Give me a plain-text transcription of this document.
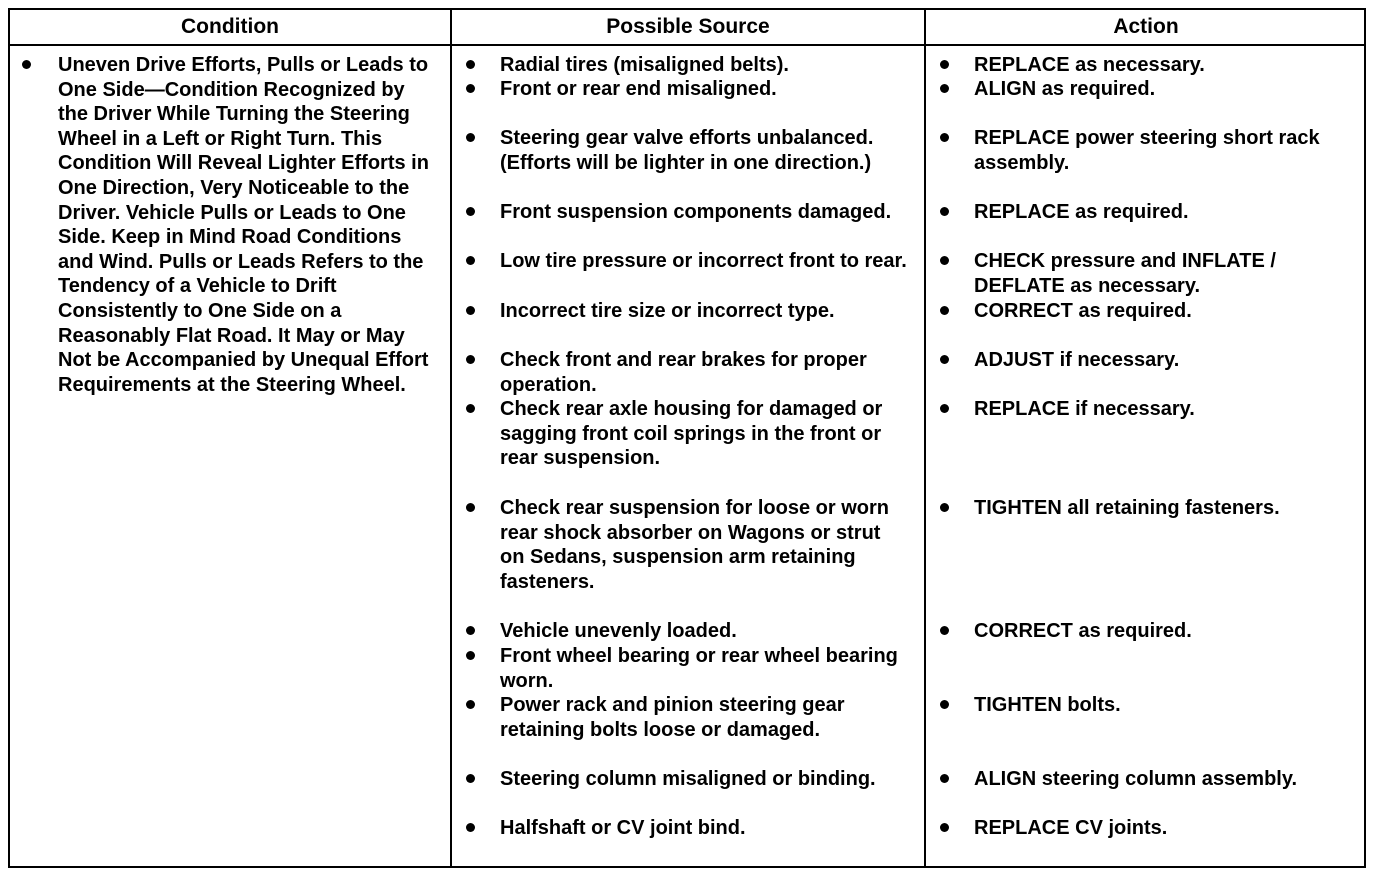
Condition	Possible Source	Action
Uneven Drive Efforts, Pulls or Leads to One Side—Condition Recognized by the Driver While Turning the Steering Wheel in a Left or Right Turn. This Condition Will Reveal Lighter Efforts in One Direction, Very Noticeable to the Driver. Vehicle Pulls or Leads to One Side. Keep in Mind Road Conditions and Wind. Pulls or Leads Refers to the Tendency of a Vehicle to Drift Consistently to One Side on a Reasonably Flat Road. It May or May Not be Accompanied by Unequal Effort Requirements at the Steering Wheel.
Radial tires (misaligned belts).
Front or rear end misaligned.
Steering gear valve efforts unbalanced. (Efforts will be lighter in one direction.)
Front suspension components damaged.
Low tire pressure or incorrect front to rear.
Incorrect tire size or incorrect type.
Check front and rear brakes for proper operation.
Check rear axle housing for damaged or sagging front coil springs in the front or rear suspension.
Check rear suspension for loose or worn rear shock absorber on Wagons or strut on Sedans, suspension arm retaining fasteners.
Vehicle unevenly loaded.
Front wheel bearing or rear wheel bearing worn.
Power rack and pinion steering gear retaining bolts loose or damaged.
Steering column misaligned or binding.
Halfshaft or CV joint bind.
REPLACE as necessary.
ALIGN as required.
REPLACE power steering short rack assembly.
REPLACE as required.
CHECK pressure and INFLATE / DEFLATE as necessary.
CORRECT as required.
ADJUST if necessary.
REPLACE if necessary.
TIGHTEN all retaining fasteners.
CORRECT as required.
TIGHTEN bolts.
ALIGN steering column assembly.
REPLACE CV joints.
